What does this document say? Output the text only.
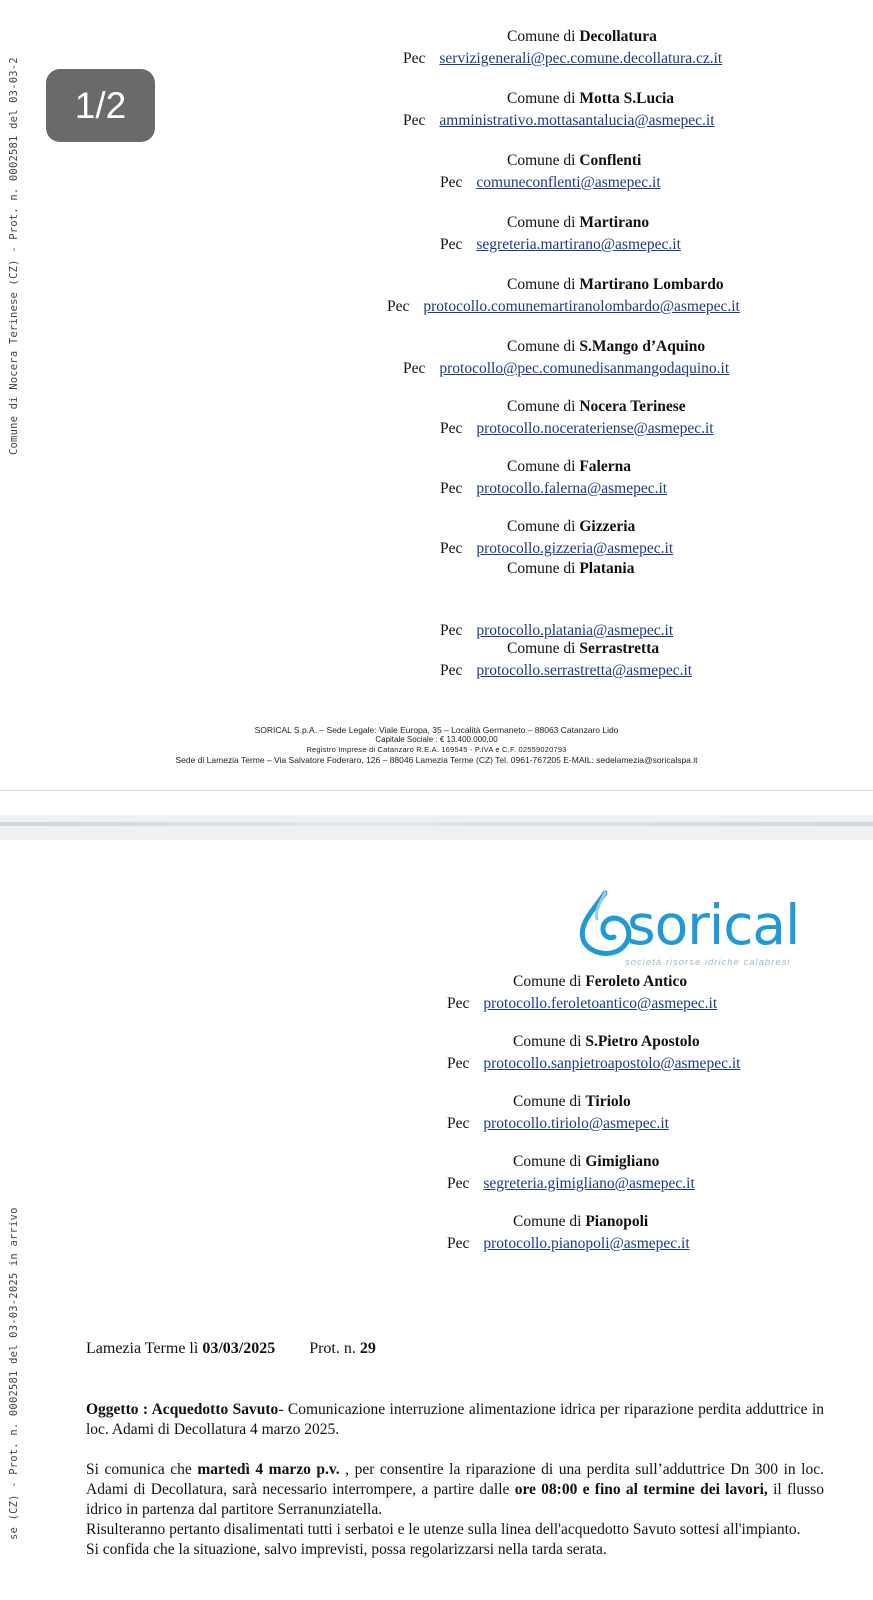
Comune di Nocera Terinese (CZ) - Prot. n. 0002581 del 03-03-2	1/2
Comune di Decollatura
Pec servizigenerali@pec.comune.decollatura.cz.it
Comune di Motta S.Lucia
Pec amministrativo.mottasantalucia@asmepec.it
Comune di Conflenti
Pec comuneconflenti@asmepec.it
Comune di Martirano
Pec segreteria.martirano@asmepec.it
Comune di Martirano Lombardo
Pec protocollo.comunemartiranolombardo@asmepec.it
Comune di S.Mango d’Aquino
Pec protocollo@pec.comunedisanmangodaquino.it
Comune di Nocera Terinese
Pec protocollo.nocerateriense@asmepec.it
Comune di Falerna
Pec protocollo.falerna@asmepec.it
Comune di Gizzeria
Pec protocollo.gizzeria@asmepec.it
Comune di Platania
Pec protocollo.platania@asmepec.it
Comune di Serrastretta
Pec protocollo.serrastretta@asmepec.it
SORICAL S.p.A. – Sede Legale: Viale Europa, 35 – Località Germaneto – 88063 Catanzaro Lido
Capitale Sociale : € 13.400.000,00
Registro Imprese di Catanzaro R.E.A. 169545 - P.IVA e C.F. 02559020793
Sede di Lamezia Terme – Via Salvatore Foderaro, 126 – 88046 Lamezia Terme (CZ) Tel. 0961-767205 E-MAIL: sedelamezia@soricalspa.it
se (CZ) - Prot. n. 0002581 del 03-03-2025 in arrivo
sorical
società risorse idriche calabresi
Comune di Feroleto Antico
Pec protocollo.feroletoantico@asmepec.it
Comune di S.Pietro Apostolo
Pec protocollo.sanpietroapostolo@asmepec.it
Comune di Tiriolo
Pec protocollo.tiriolo@asmepec.it
Comune di Gimigliano
Pec segreteria.gimigliano@asmepec.it
Comune di Pianopoli
Pec protocollo.pianopoli@asmepec.it
Lamezia Terme lì 03/03/2025 Prot. n. 29

Oggetto : Acquedotto Savuto- Comunicazione interruzione alimentazione idrica per riparazione perdita adduttrice in loc. Adami di Decollatura 4 marzo 2025.

Si comunica che martedì 4 marzo p.v. , per consentire la riparazione di una perdita sull’adduttrice Dn 300 in loc. Adami di Decollatura, sarà necessario interrompere, a partire dalle ore 08:00 e fino al termine dei lavori, il flusso idrico in partenza dal partitore Serranunziatella.

Risulteranno pertanto disalimentati tutti i serbatoi e le utenze sulla linea dell'acquedotto Savuto sottesi all'impianto.

Si confida che la situazione, salvo imprevisti, possa regolarizzarsi nella tarda serata.
